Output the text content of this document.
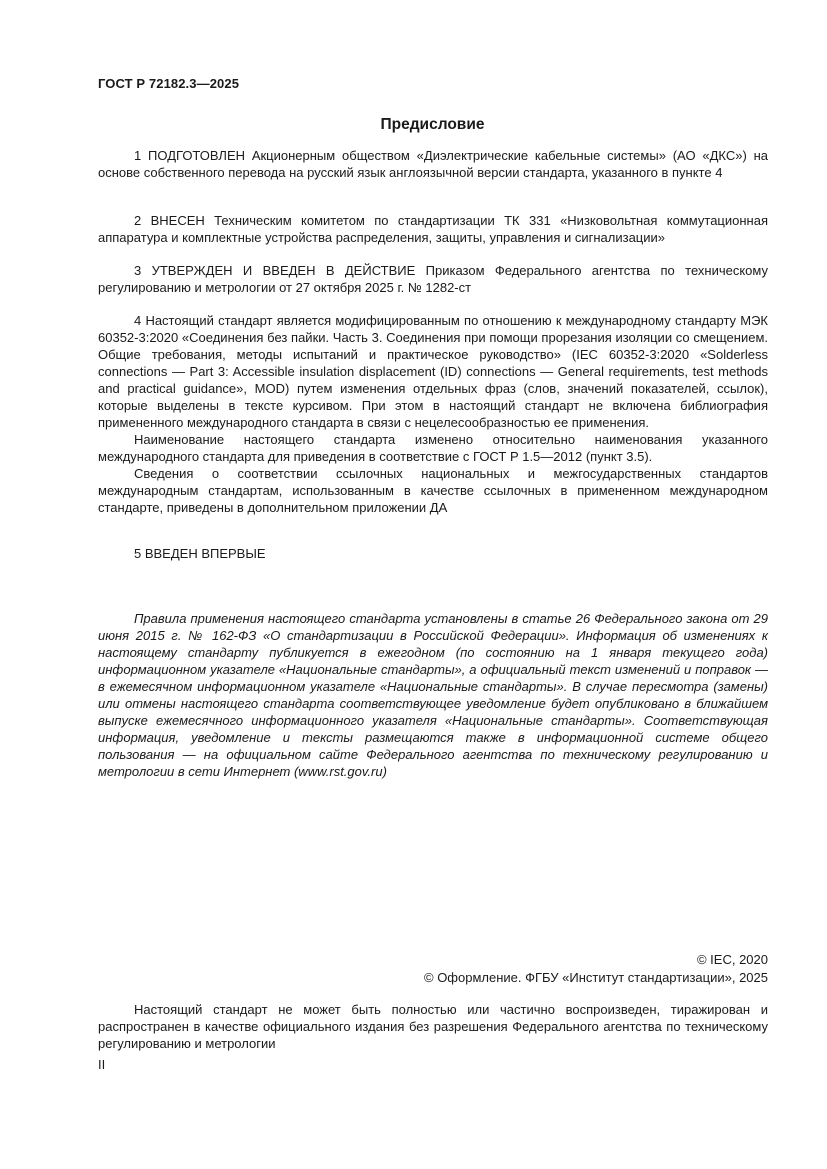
ГОСТ Р 72182.3—2025
Предисловие

1 ПОДГОТОВЛЕН Акционерным обществом «Диэлектрические кабельные системы» (АО «ДКС») на основе собственного перевода на русский язык англоязычной версии стандарта, указанного в пункте 4

2 ВНЕСЕН Техническим комитетом по стандартизации ТК 331 «Низковольтная коммутационная аппаратура и комплектные устройства распределения, защиты, управления и сигнализации»

3 УТВЕРЖДЕН И ВВЕДЕН В ДЕЙСТВИЕ Приказом Федерального агентства по техническому регулированию и метрологии от 27 октября 2025 г. № 1282-ст

4 Настоящий стандарт является модифицированным по отношению к международному стандарту МЭК 60352-3:2020 «Соединения без пайки. Часть 3. Соединения при помощи прорезания изоляции со смещением. Общие требования, методы испытаний и практическое руководство» (IEC 60352-3:2020 «Solderless connections — Part 3: Accessible insulation displacement (ID) connections — General requirements, test methods and practical guidance», MOD) путем изменения отдельных фраз (слов, значений показателей, ссылок), которые выделены в тексте курсивом. При этом в настоящий стандарт не включена библиография примененного международного стандарта в связи с нецелесообразностью ее применения.

Наименование настоящего стандарта изменено относительно наименования указанного международного стандарта для приведения в соответствие с ГОСТ Р 1.5—2012 (пункт 3.5).

Сведения о соответствии ссылочных национальных и межгосударственных стандартов международным стандартам, использованным в качестве ссылочных в примененном международном стандарте, приведены в дополнительном приложении ДА

5 ВВЕДЕН ВПЕРВЫЕ

Правила применения настоящего стандарта установлены в статье 26 Федерального закона от 29 июня 2015 г. № 162-ФЗ «О стандартизации в Российской Федерации». Информация об изменениях к настоящему стандарту публикуется в ежегодном (по состоянию на 1 января текущего года) информационном указателе «Национальные стандарты», а официальный текст изменений и поправок — в ежемесячном информационном указателе «Национальные стандарты». В случае пересмотра (замены) или отмены настоящего стандарта соответствующее уведомление будет опубликовано в ближайшем выпуске ежемесячного информационного указателя «Национальные стандарты». Соответствующая информация, уведомление и тексты размещаются также в информационной системе общего пользования — на официальном сайте Федерального агентства по техническому регулированию и метрологии в сети Интернет (www.rst.gov.ru)

© IEC, 2020
© Оформление. ФГБУ «Институт стандартизации», 2025

Настоящий стандарт не может быть полностью или частично воспроизведен, тиражирован и распространен в качестве официального издания без разрешения Федерального агентства по техническому регулированию и метрологии

II
